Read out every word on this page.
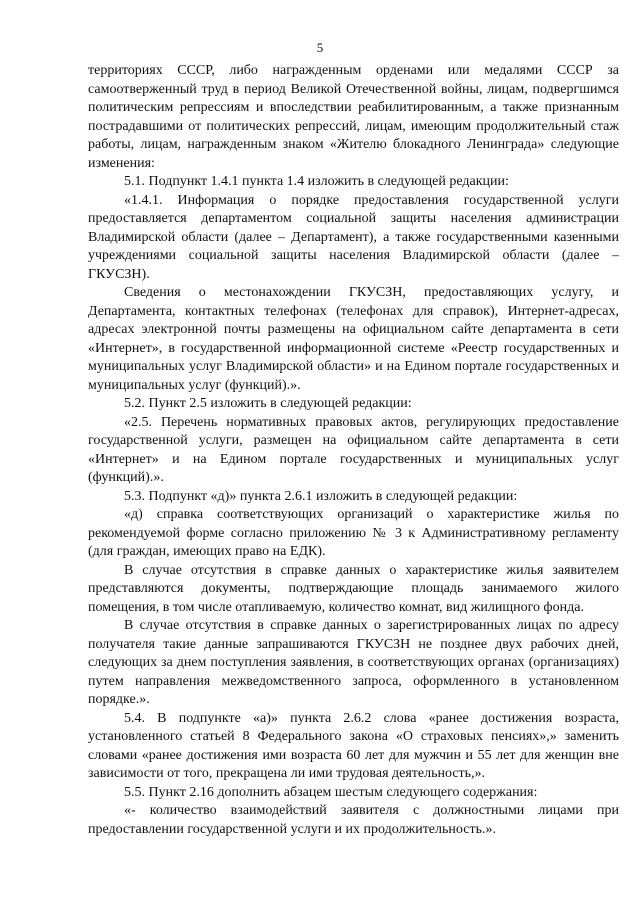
5

территориях СССР, либо награжденным орденами или медалями СССР за самоотверженный труд в период Великой Отечественной войны, лицам, подвергшимся политическим репрессиям и впоследствии реабилитированным, а также признанным пострадавшими от политических репрессий, лицам, имеющим продолжительный стаж работы, лицам, награжденным знаком «Жителю блокадного Ленинграда» следующие изменения:

5.1. Подпункт 1.4.1 пункта 1.4 изложить в следующей редакции:

«1.4.1. Информация о порядке предоставления государственной услуги предоставляется департаментом социальной защиты населения администрации Владимирской области (далее – Департамент), а также государственными казенными учреждениями социальной защиты населения Владимирской области (далее – ГКУСЗН).

Сведения о местонахождении ГКУСЗН, предоставляющих услугу, и Департамента, контактных телефонах (телефонах для справок), Интернет-адресах, адресах электронной почты размещены на официальном сайте департамента в сети «Интернет», в государственной информационной системе «Реестр государственных и муниципальных услуг Владимирской области» и на Едином портале государственных и муниципальных услуг (функций).».

5.2. Пункт 2.5 изложить в следующей редакции:

«2.5. Перечень нормативных правовых актов, регулирующих предоставление государственной услуги, размещен на официальном сайте департамента в сети «Интернет» и на Едином портале государственных и муниципальных услуг (функций).».

5.3. Подпункт «д)» пункта 2.6.1 изложить в следующей редакции:

«д) справка соответствующих организаций о характеристике жилья по рекомендуемой форме согласно приложению № 3 к Административному регламенту (для граждан, имеющих право на ЕДК).

В случае отсутствия в справке данных о характеристике жилья заявителем представляются документы, подтверждающие площадь занимаемого жилого помещения, в том числе отапливаемую, количество комнат, вид жилищного фонда.

В случае отсутствия в справке данных о зарегистрированных лицах по адресу получателя такие данные запрашиваются ГКУСЗН не позднее двух рабочих дней, следующих за днем поступления заявления, в соответствующих органах (организациях) путем направления межведомственного запроса, оформленного в установленном порядке.».

5.4. В подпункте «а)» пункта 2.6.2 слова «ранее достижения возраста, установленного статьей 8 Федерального закона «О страховых пенсиях»,» заменить словами «ранее достижения ими возраста 60 лет для мужчин и 55 лет для женщин вне зависимости от того, прекращена ли ими трудовая деятельность,».

5.5. Пункт 2.16 дополнить абзацем шестым следующего содержания:

«- количество взаимодействий заявителя с должностными лицами при предоставлении государственной услуги и их продолжительность.».
